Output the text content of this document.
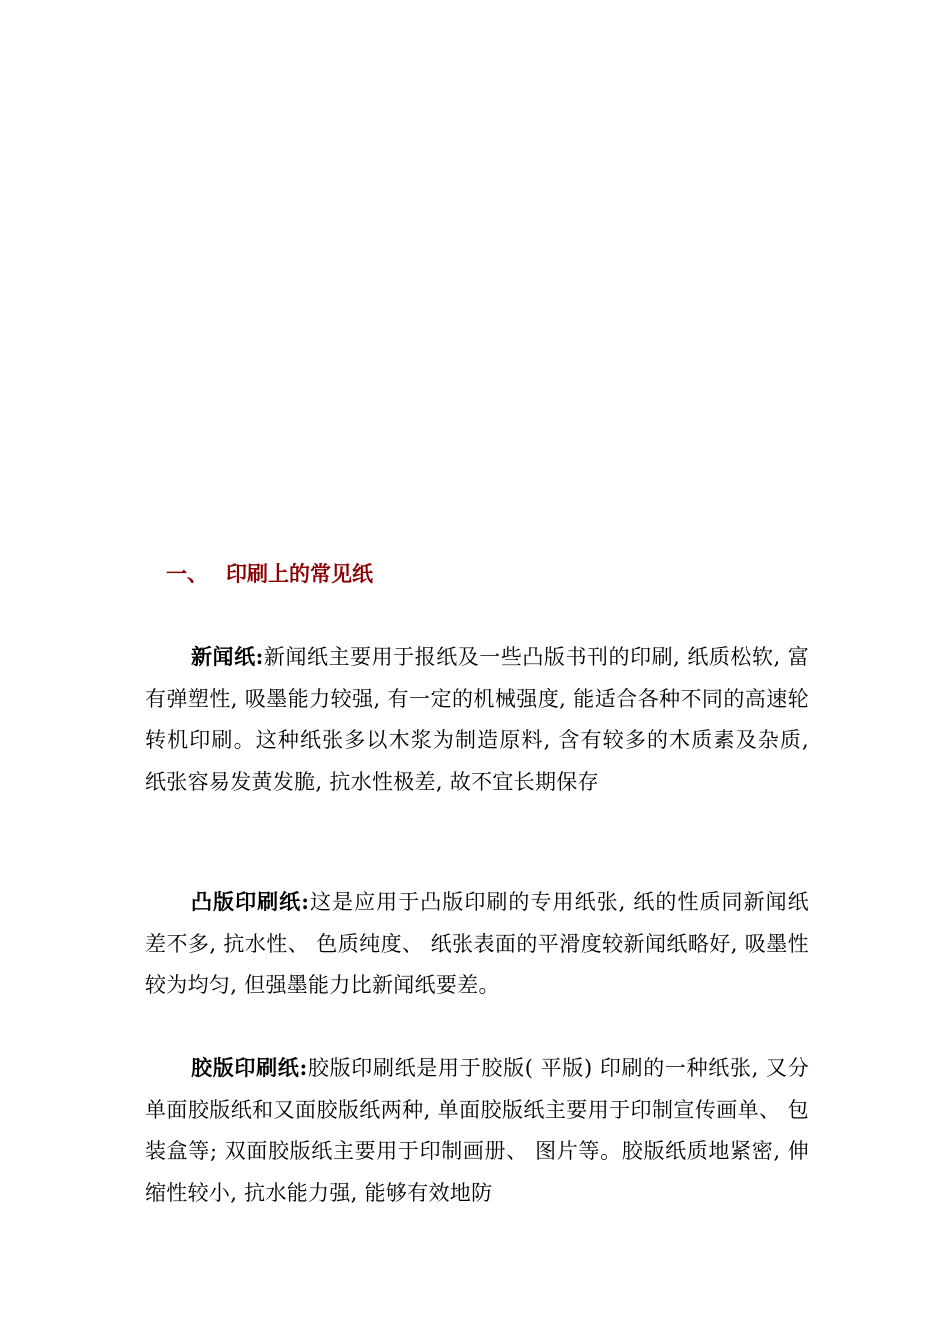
一、 印刷上的常见纸

新闻纸:新闻纸主要用于报纸及一些凸版书刊的印刷, 纸质松软, 富有弹塑性, 吸墨能力较强, 有一定的机械强度, 能适合各种不同的高速轮转机印刷。这种纸张多以木浆为制造原料, 含有较多的木质素及杂质, 纸张容易发黄发脆, 抗水性极差, 故不宜长期保存

凸版印刷纸:这是应用于凸版印刷的专用纸张, 纸的性质同新闻纸差不多, 抗水性、 色质纯度、 纸张表面的平滑度较新闻纸略好, 吸墨性较为均匀, 但强墨能力比新闻纸要差。

胶版印刷纸:胶版印刷纸是用于胶版( 平版) 印刷的一种纸张, 又分单面胶版纸和又面胶版纸两种, 单面胶版纸主要用于印制宣传画单、 包装盒等; 双面胶版纸主要用于印制画册、 图片等。胶版纸质地紧密, 伸缩性较小, 抗水能力强, 能够有效地防
